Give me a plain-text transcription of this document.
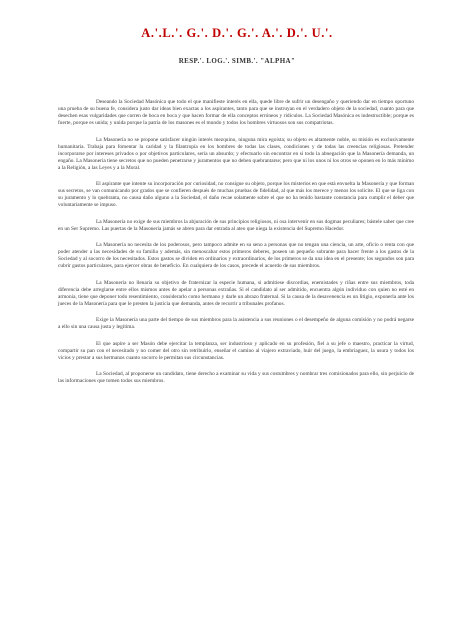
A.'.L.'. G.'. D.'. G.'. A.'. D.'. U.'.
RESP.'. LOG.'. SIMB.'. "ALPHA"

Deseando la Sociedad Masónica que todo el que manifieste interés en ella, quede libre de sufrir un desengaño y queriendo dar en tiempo oportuno una prueba de su buena fe, considera justo dar ideas bien exactas a los aspirantes, tanto para que se instruyan en el verdadero objeto de la sociedad, cuanto para que desechen esas vulgaridades que corren de boca en boca y que hacen formar de ella conceptos erróneos y ridículos. La Sociedad Masónica es indestructible; porque es fuerte, porque es unida; y unida porque la patria de los masones es el mundo y todos los hombres virtuosos son sus compatriotas.

La Masonería no se propone satisfacer ningún interés mezquino, ninguna mira egoísta; su objeto es altamente noble, su misión es exclusivamente humanitaria. Trabaja para fomentar la caridad y la filantropía en los hombres de todas las clases, condiciones y de todas las creencias religiosas. Pretender incorporarse por intereses privados o por objetivos particulares, sería un absurdo; y efectuarlo sin encontrar en sí todo la abnegación que la Masonería demanda, un engaño. La Masonería tiene secretos que no pueden penetrarse y juramentos que no deben quebrantarse; pero que ni los unos ni los otros se oponen en lo más mínimo a la Religión, a las Leyes y a la Moral.

El aspirante que intente su incorporación por curiosidad, no consigue su objeto, porque los misterios en que está envuelta la Masonería y que forman sus secretos, se van comunicando por grados que se confieren después de muchas pruebas de fidelidad, al que más los merece y menos los solicite. El que se liga con su juramento y lo quebranta, no causa daño alguno a la Sociedad, el daño recae solamente sobre el que no ha tenido bastante constancia para cumplir el deber que voluntariamente se impuso.

La Masonería no exige de sus miembros la abjuración de sus principios religiosos, ni osa intervenir en sus dogmas peculiares; bástele saber que cree en un Ser Supremo. Las puertas de la Masonería jamás se abren para dar entrada al ateo que niega la existencia del Supremo Hacedor.

La Masonería no necesita de los poderosos, pero tampoco admite en su seno a personas que no tengan una ciencia, un arte, oficio o renta con que poder atender a las necesidades de su familia y además, sin menoscabar estos primeros deberes, poseen un pequeño sobrante para hacer frente a los gastos de la Sociedad y al socorro de los necesitados. Estos gastos se dividen en ordinarios y extraordinarios, de los primeros se da una idea en el presente; los segundos son para cubrir gastos particulares, para ejercer obras de beneficio. En cualquiera de los casos, precede el acuerdo de sus miembros.

La Masonería no llenaría su objetivo de fraternizar la especie humana, si admitiese discordias, enemistades y riñas entre sus miembros, toda diferencia debe arreglarse entre ellos mismos antes de apelar a personas extrañas. Si el candidato al ser admitido, encuentra algún individuo con quien no esté en armonía, tiene que deponer todo resentimiento, considerarlo como hermano y darle un abrazo fraternal. Si la causa de la desavenencia es un litigio, exponerla ante los jueces de la Masonería para que le presten la justicia que demanda, antes de recurrir a tribunales profanos.

Exige la Masonería una parte del tiempo de sus miembros para la asistencia a sus reuniones o el desempeño de alguna comisión y no podrá negarse a ello sin una causa justa y legítima.

El que aspire a ser Masón debe ejercitar la templanza, ser industrioso y aplicado en su profesión, fiel a su jefe o maestro, practicar la virtud, compartir su pan con el necesitado y no comer del otro sin retribuirlo, enseñar el camino al viajero extraviado, huir del juego, la embriaguez, la usura y todos los vicios y prestar a sus hermanos cuanto socorro le permitan sus circunstancias.

La Sociedad, al proponerse un candidato, tiene derecho a examinar su vida y sus costumbres y nombrar tres comisionados para ello, sin perjuicio de las informaciones que tomen todos sus miembros.
